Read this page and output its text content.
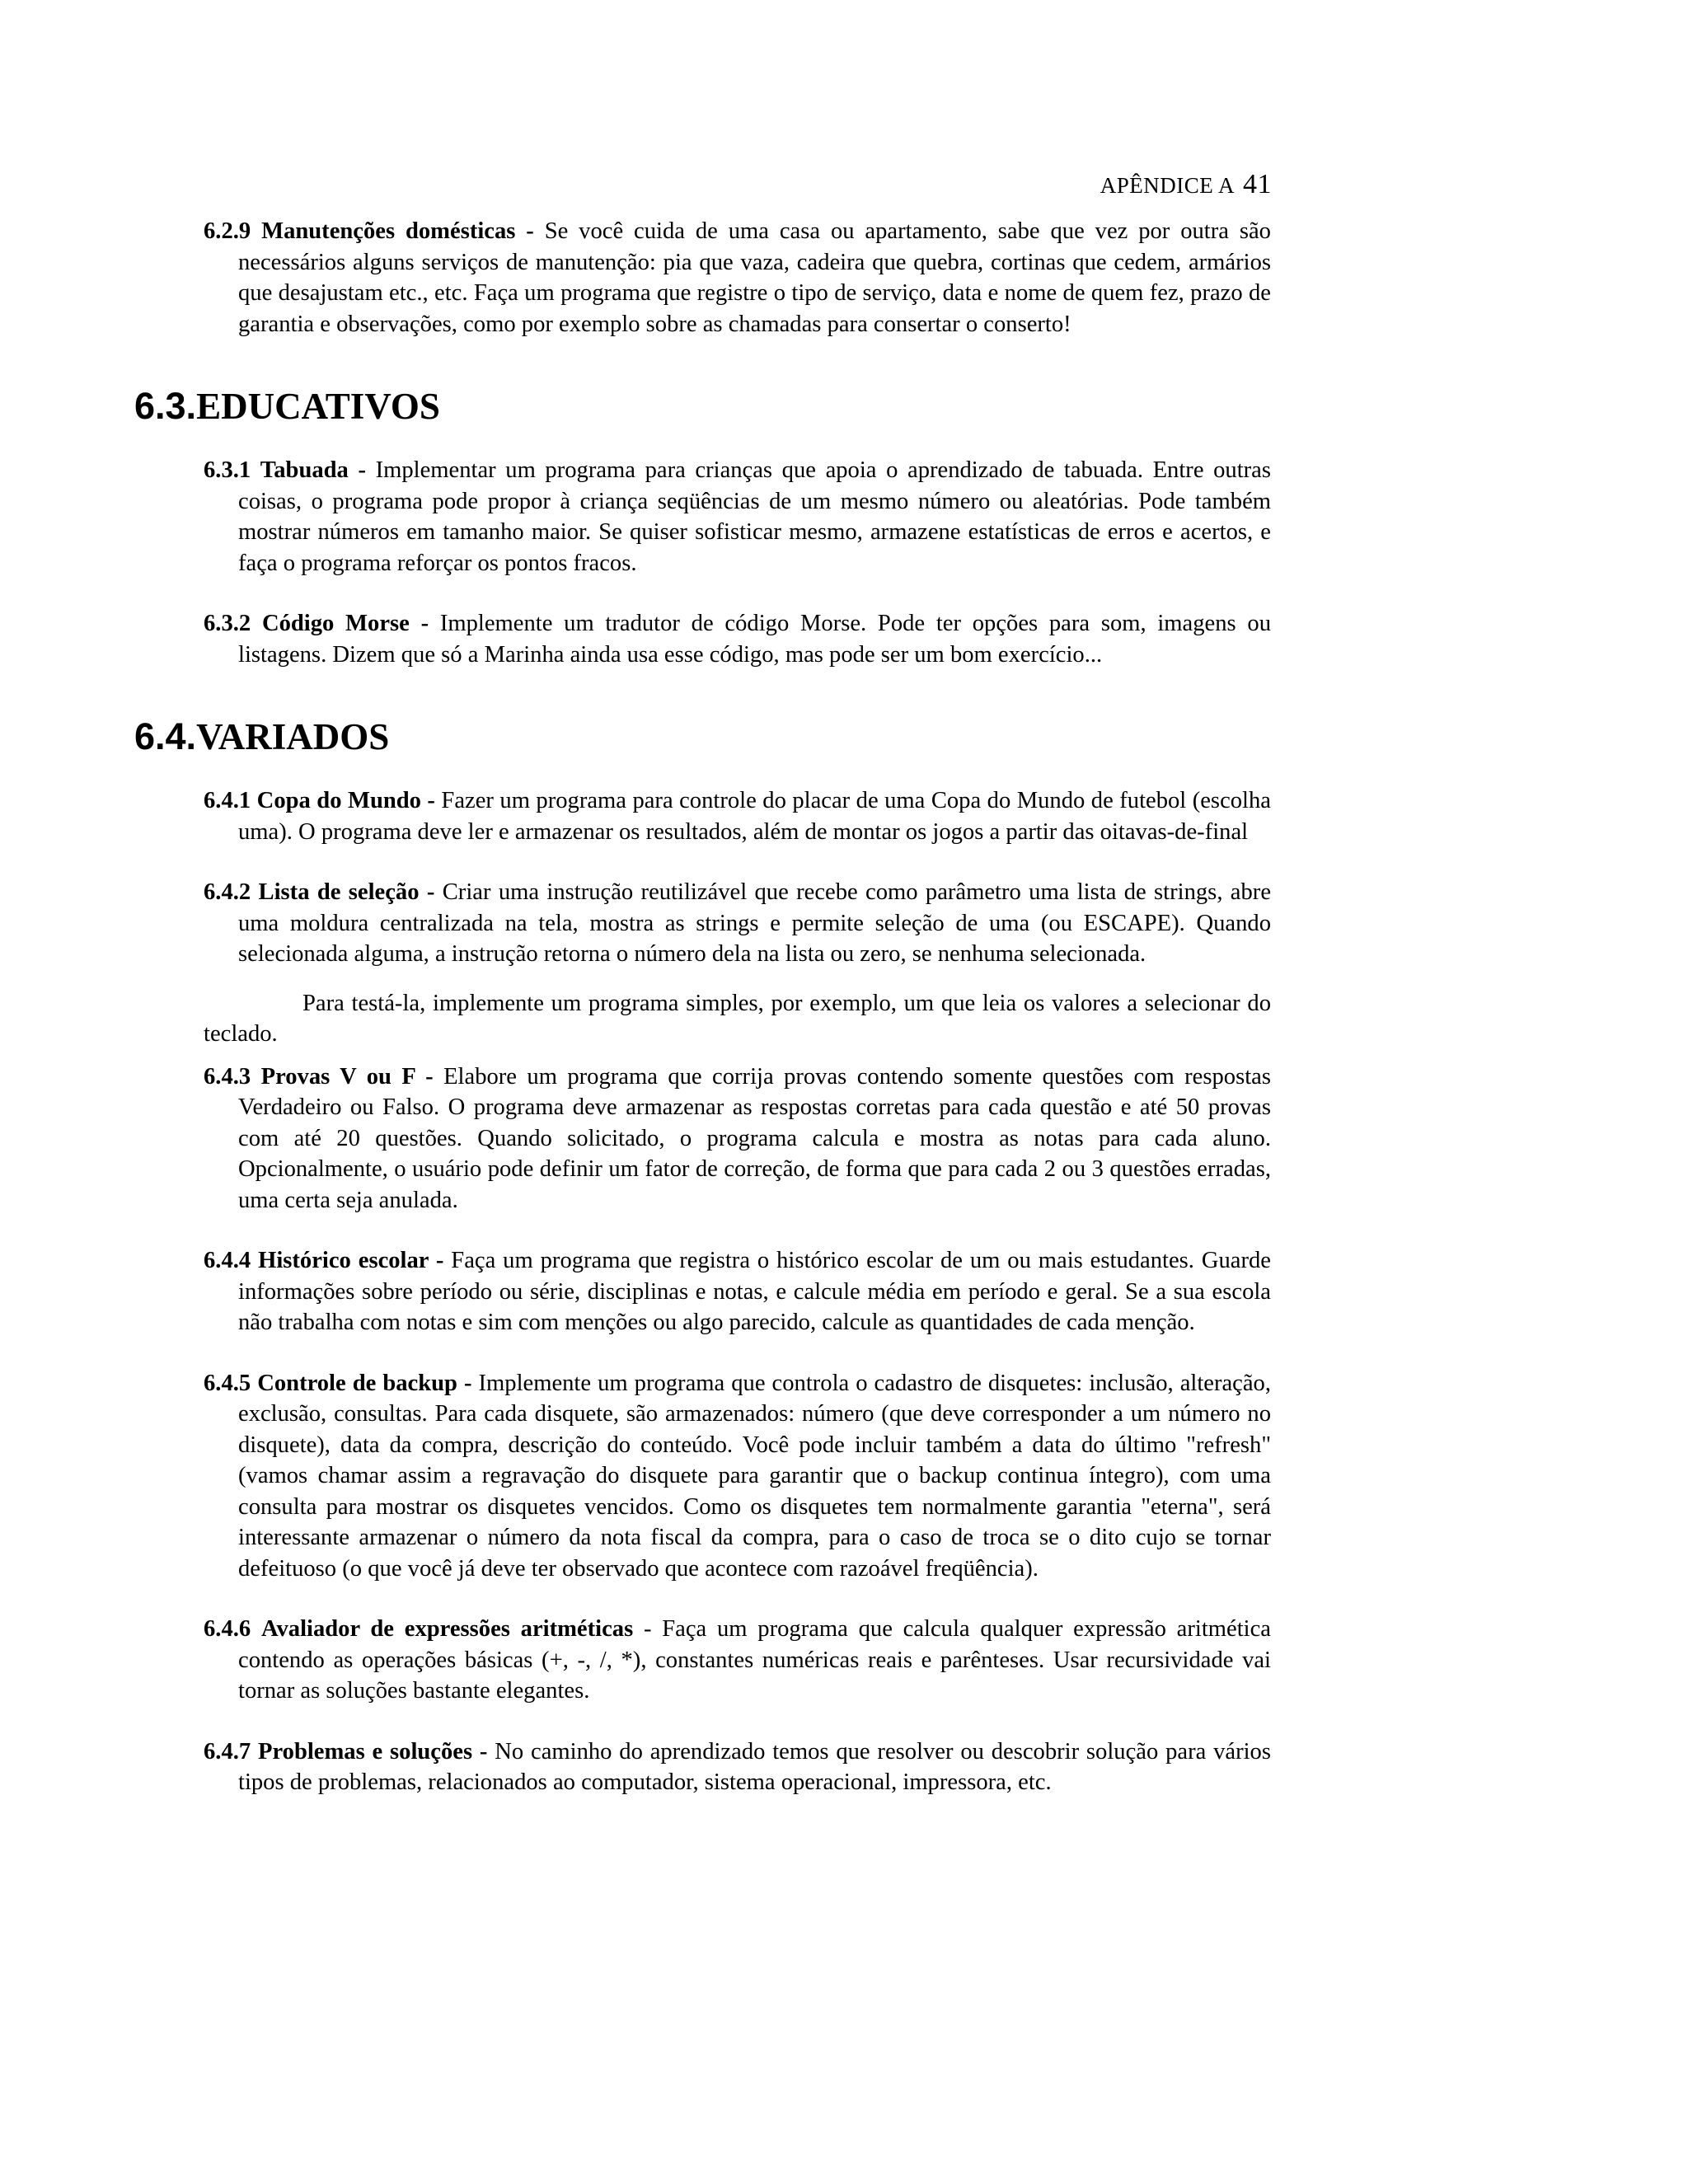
APÊNDICE A 41

6.2.9 Manutenções domésticas - Se você cuida de uma casa ou apartamento, sabe que vez por outra são necessários alguns serviços de manutenção: pia que vaza, cadeira que quebra, cortinas que cedem, armários que desajustam etc., etc. Faça um programa que registre o tipo de serviço, data e nome de quem fez, prazo de garantia e observações, como por exemplo sobre as chamadas para consertar o conserto!

6.3.EDUCATIVOS

6.3.1 Tabuada - Implementar um programa para crianças que apoia o aprendizado de tabuada. Entre outras coisas, o programa pode propor à criança seqüências de um mesmo número ou aleatórias. Pode também mostrar números em tamanho maior. Se quiser sofisticar mesmo, armazene estatísticas de erros e acertos, e faça o programa reforçar os pontos fracos.

6.3.2 Código Morse - Implemente um tradutor de código Morse. Pode ter opções para som, imagens ou listagens. Dizem que só a Marinha ainda usa esse código, mas pode ser um bom exercício...

6.4.VARIADOS

6.4.1 Copa do Mundo - Fazer um programa para controle do placar de uma Copa do Mundo de futebol (escolha uma). O programa deve ler e armazenar os resultados, além de montar os jogos a partir das oitavas-de-final

6.4.2 Lista de seleção - Criar uma instrução reutilizável que recebe como parâmetro uma lista de strings, abre uma moldura centralizada na tela, mostra as strings e permite seleção de uma (ou ESCAPE). Quando selecionada alguma, a instrução retorna o número dela na lista ou zero, se nenhuma selecionada.

Para testá-la, implemente um programa simples, por exemplo, um que leia os valores a selecionar do teclado.

6.4.3 Provas V ou F - Elabore um programa que corrija provas contendo somente questões com respostas Verdadeiro ou Falso. O programa deve armazenar as respostas corretas para cada questão e até 50 provas com até 20 questões. Quando solicitado, o programa calcula e mostra as notas para cada aluno. Opcionalmente, o usuário pode definir um fator de correção, de forma que para cada 2 ou 3 questões erradas, uma certa seja anulada.

6.4.4 Histórico escolar - Faça um programa que registra o histórico escolar de um ou mais estudantes. Guarde informações sobre período ou série, disciplinas e notas, e calcule média em período e geral. Se a sua escola não trabalha com notas e sim com menções ou algo parecido, calcule as quantidades de cada menção.

6.4.5 Controle de backup - Implemente um programa que controla o cadastro de disquetes: inclusão, alteração, exclusão, consultas. Para cada disquete, são armazenados: número (que deve corresponder a um número no disquete), data da compra, descrição do conteúdo. Você pode incluir também a data do último "refresh" (vamos chamar assim a regravação do disquete para garantir que o backup continua íntegro), com uma consulta para mostrar os disquetes vencidos. Como os disquetes tem normalmente garantia "eterna", será interessante armazenar o número da nota fiscal da compra, para o caso de troca se o dito cujo se tornar defeituoso (o que você já deve ter observado que acontece com razoável freqüência).

6.4.6 Avaliador de expressões aritméticas - Faça um programa que calcula qualquer expressão aritmética contendo as operações básicas (+, -, /, *), constantes numéricas reais e parênteses. Usar recursividade vai tornar as soluções bastante elegantes.

6.4.7 Problemas e soluções - No caminho do aprendizado temos que resolver ou descobrir solução para vários tipos de problemas, relacionados ao computador, sistema operacional, impressora, etc.
